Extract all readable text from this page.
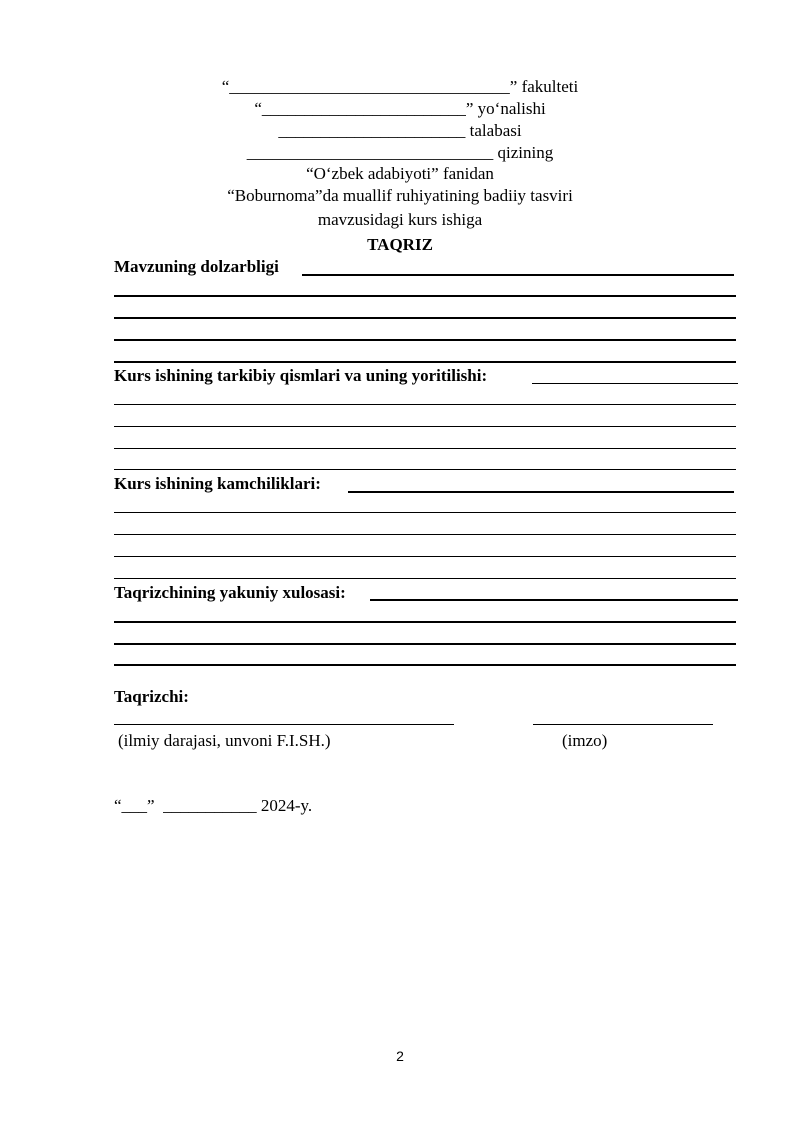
“_________________________________” fakulteti
“________________________” yo‘nalishi
______________________ talabasi
_____________________________ qizining
“O‘zbek adabiyoti” fanidan
“Boburnoma”da muallif ruhiyatining badiiy tasviri
mavzusidagi kurs ishiga
TAQRIZ
Mavzuning dolzarbligi
Kurs ishining tarkibiy qismlari va uning yoritilishi:
Kurs ishining kamchiliklari:
Taqrizchining yakuniy xulosasi:
Taqrizchi:
(ilmiy darajasi, unvoni F.I.SH.)	(imzo)
“___”  ___________ 2024-y.
2
